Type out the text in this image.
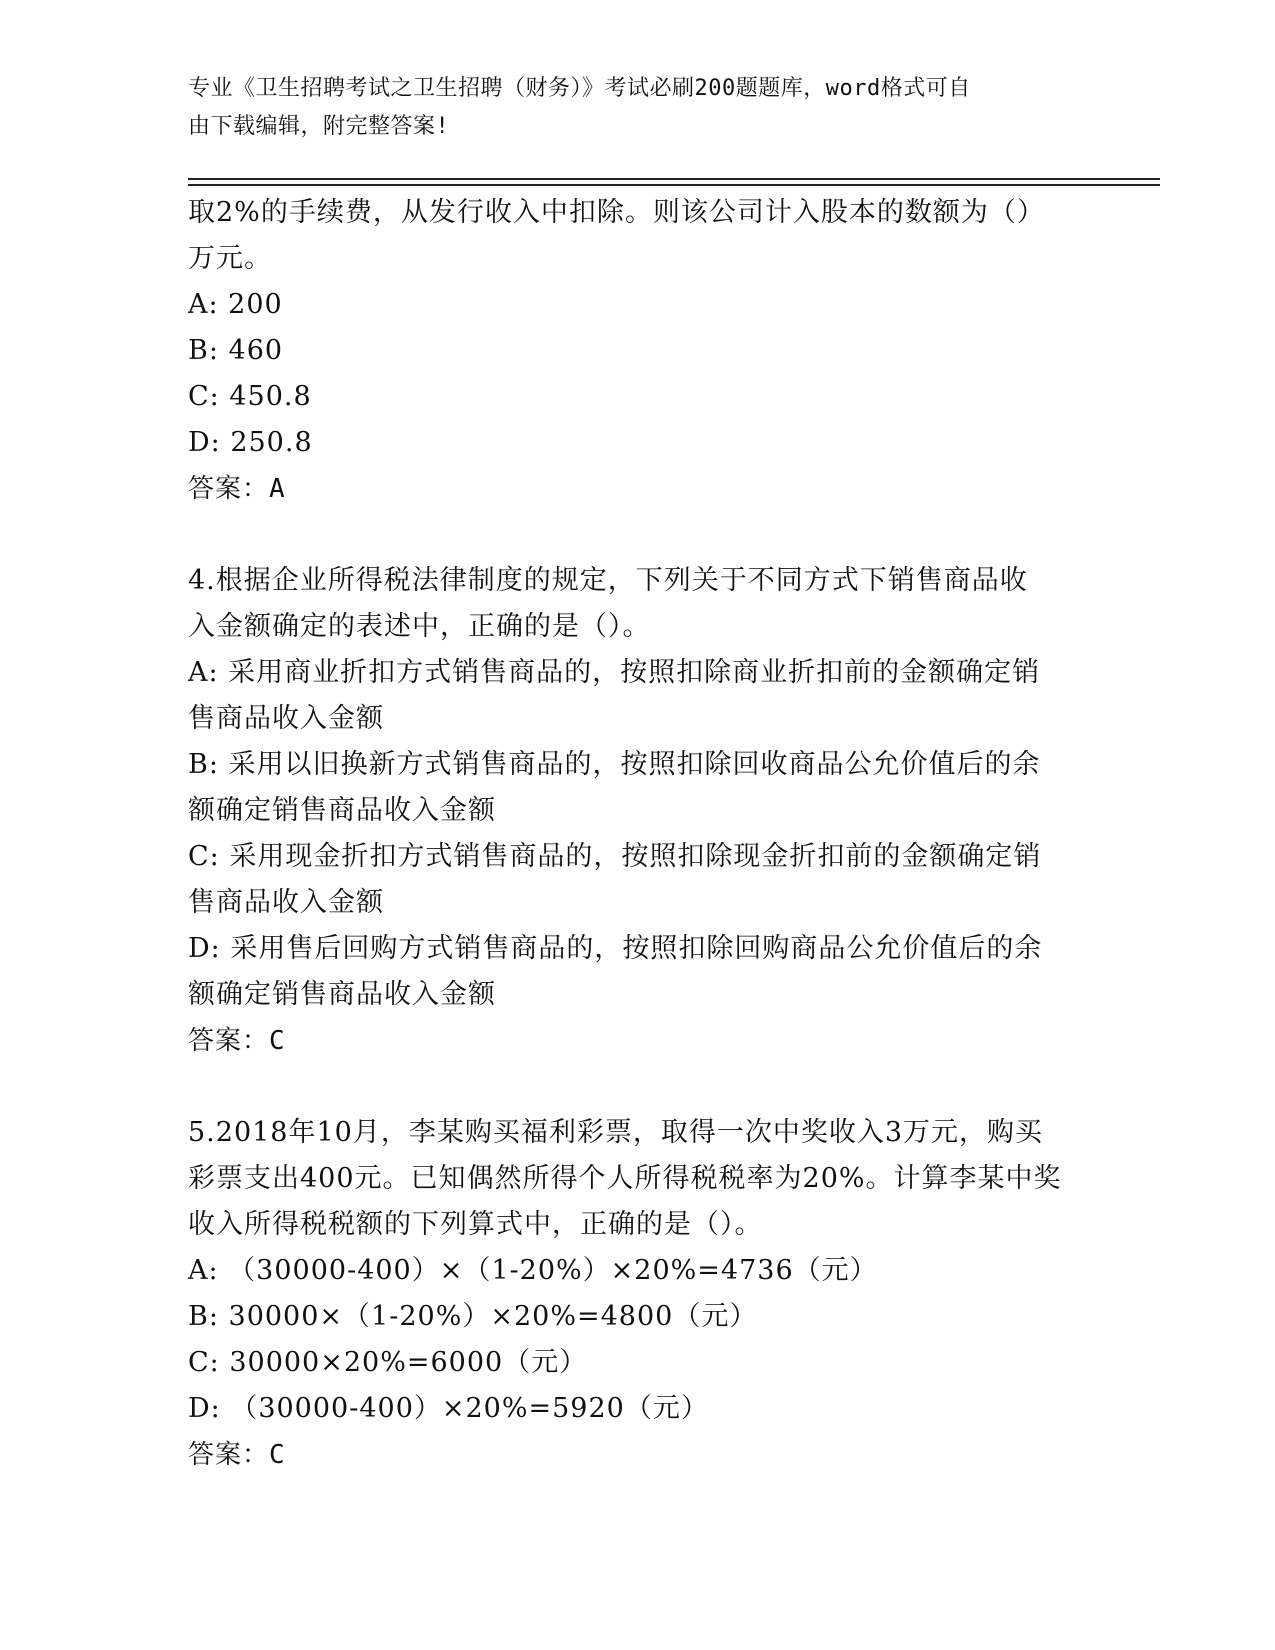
专业《卫生招聘考试之卫生招聘（财务）》考试必刷200题题库，word格式可自
由下载编辑，附完整答案!
取2%的手续费，从发行收入中扣除。则该公司计入股本的数额为（）
万元。
A: 200
B: 460
C: 450.8
D: 250.8
答案：A
4.根据企业所得税法律制度的规定，下列关于不同方式下销售商品收
入金额确定的表述中，正确的是（）。
A: 采用商业折扣方式销售商品的，按照扣除商业折扣前的金额确定销
售商品收入金额
B: 采用以旧换新方式销售商品的，按照扣除回收商品公允价值后的余
额确定销售商品收入金额
C: 采用现金折扣方式销售商品的，按照扣除现金折扣前的金额确定销
售商品收入金额
D: 采用售后回购方式销售商品的，按照扣除回购商品公允价值后的余
额确定销售商品收入金额
答案：C
5.2018年10月，李某购买福利彩票，取得一次中奖收入3万元，购买
彩票支出400元。已知偶然所得个人所得税税率为20%。计算李某中奖
收入所得税税额的下列算式中，正确的是（）。
A: （30000-400）×（1-20%）×20%=4736（元）
B: 30000×（1-20%）×20%=4800（元）
C: 30000×20%=6000（元）
D: （30000-400）×20%=5920（元）
答案：C
